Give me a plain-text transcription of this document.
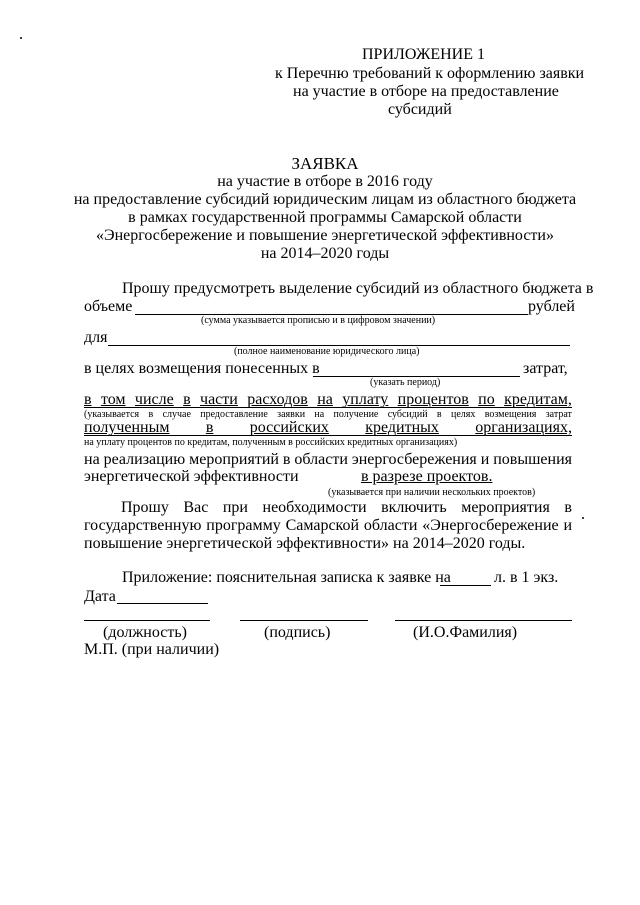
ПРИЛОЖЕНИЕ 1
к Перечню требований к оформлению заявки
на участие в отборе на предоставление
субсидий
ЗАЯВКА
на участие в отборе в 2016 году
на предоставление субсидий юридическим лицам из областного бюджета
в рамках государственной программы Самарской области
«Энергосбережение и повышение энергетической эффективности»
на 2014–2020 годы
Прошу предусмотреть выделение субсидий из областного бюджета в
объеме	рублей
(сумма указывается прописью и в цифровом значении)
для
(полное наименование юридического лица)
в целях возмещения понесенных в	затрат,
(указать период)
в том числе в части расходов на уплату процентов по кредитам,
(указывается в случае предоставление заявки на получение субсидий в целях возмещения затрат
полученным в российских кредитных организациях,
на уплату процентов по кредитам, полученным в российских кредитных организациях)
на реализацию мероприятий в области энергосбережения и повышения
энергетической эффективности	в разрезе проектов.
(указывается при наличии нескольких проектов)
Прошу Вас при необходимости включить мероприятия в
государственную программу Самарской области «Энергосбережение и
повышение энергетической эффективности» на 2014–2020 годы.
Приложение: пояснительная записка к заявке на	л. в 1 экз.
Дата
(должность)	(подпись)	(И.О.Фамилия)
М.П. (при наличии)
